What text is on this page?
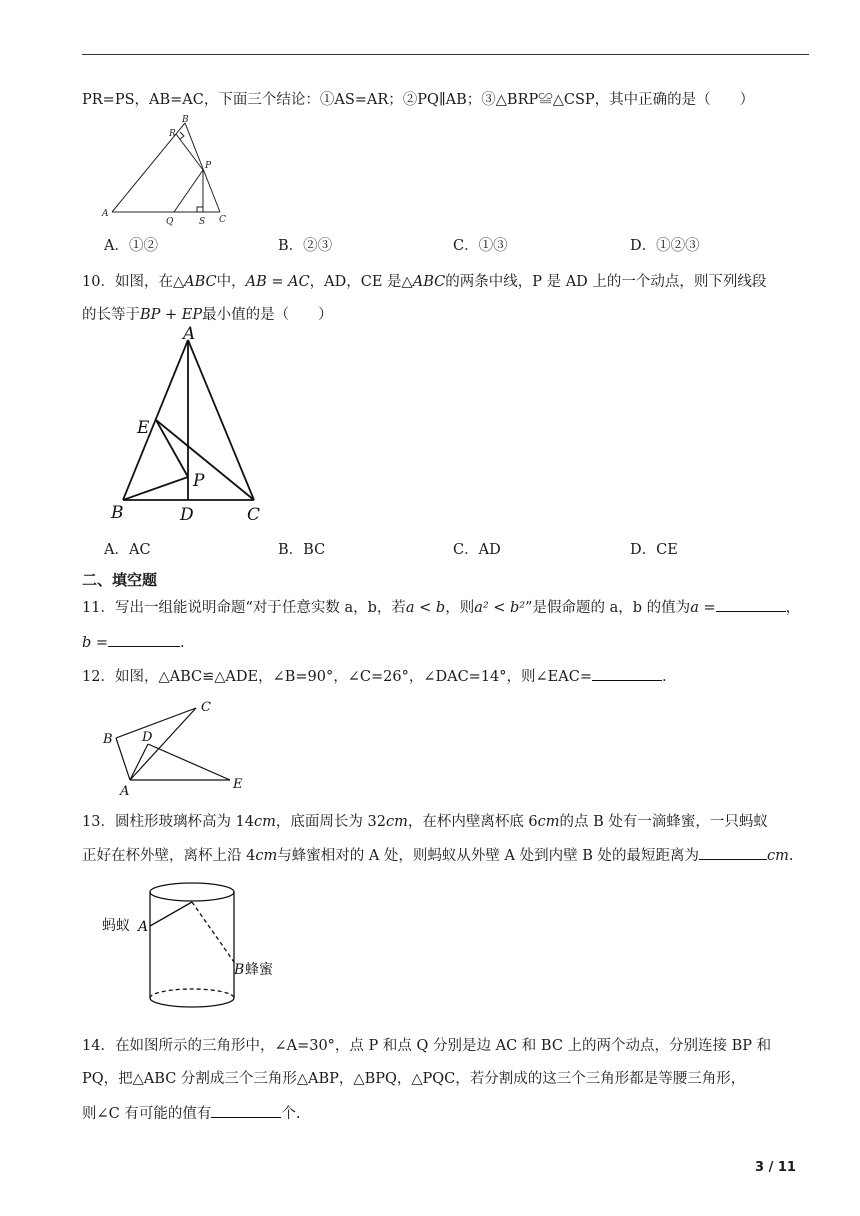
PR=PS，AB=AC，下面三个结论：①AS=AR；②PQ∥AB；③△BRP≌△CSP，其中正确的是（　　）
A
B
R
P
Q	S C
A．①②	B．②③	C．①③	D．①②③
10．如图，在△ABC中，AB = AC，AD，CE 是△ABC的两条中线，P 是 AD 上的一个动点，则下列线段
的长等于BP + EP最小值的是（　　）
A
E
P
B	D	C
A．AC	B．BC	C．AD	D．CE
二、填空题
11．写出一组能说明命题“对于任意实数 a，b，若a < b，则a² < b²”是假命题的 a，b 的值为a =	，
b =	.
12．如图，△ABC≌△ADE，∠B=90°，∠C=26°，∠DAC=14°，则∠EAC=	.
C
B D
A	E
13．圆柱形玻璃杯高为 14cm，底面周长为 32cm，在杯内壁离杯底 6cm的点 B 处有一滴蜂蜜，一只蚂蚁
正好在杯外壁，离杯上沿 4cm与蜂蜜相对的 A 处，则蚂蚁从外壁 A 处到内壁 B 处的最短距离为	cm.
蚂蚁 A
B 蜂蜜
14．在如图所示的三角形中，∠A=30°，点 P 和点 Q 分别是边 AC 和 BC 上的两个动点，分别连接 BP 和
PQ，把△ABC 分割成三个三角形△ABP，△BPQ，△PQC，若分割成的这三个三角形都是等腰三角形，
则∠C 有可能的值有	个.
3 / 11
